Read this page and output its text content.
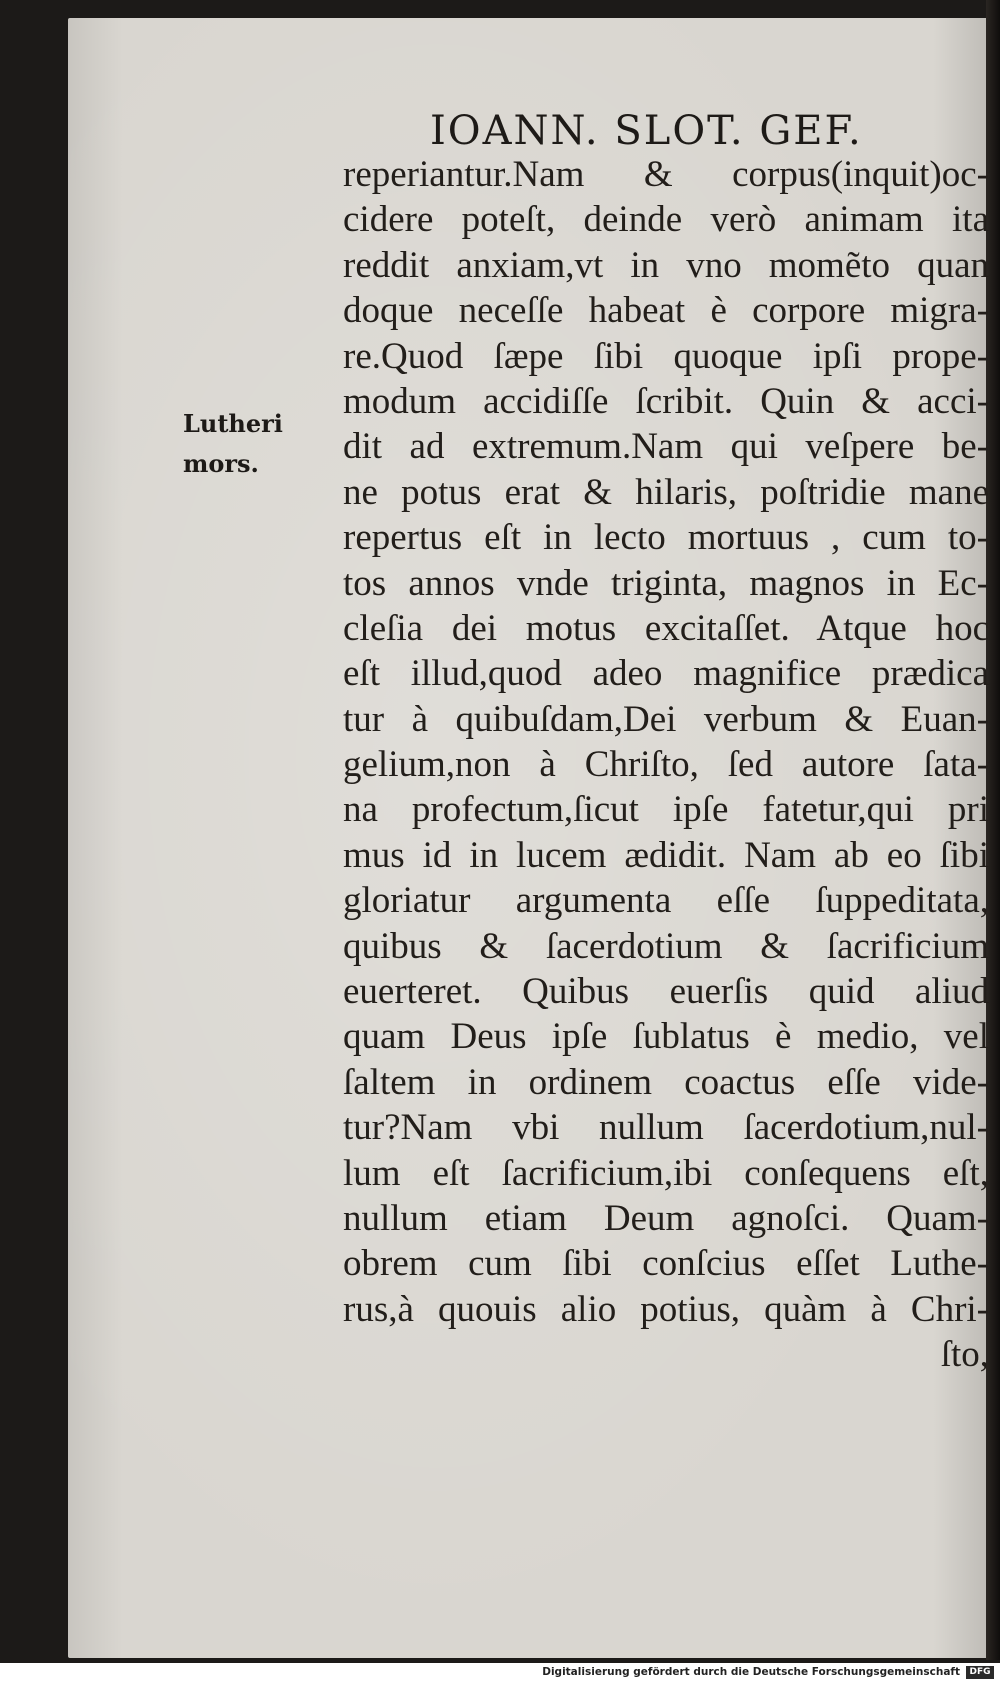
IOANN. SLOT. GEF.
Lutheri
mors.
reperiantur.Nam & corpus(inquit)oc-
cidere poteſt, deinde verò animam ita
reddit anxiam,vt in vno momẽto quan
doque neceſſe habeat è corpore migra-
re.Quod ſæpe ſibi quoque ipſi prope-
modum accidiſſe ſcribit. Quin & acci-
dit ad extremum.Nam qui veſpere be-
ne potus erat & hilaris, poſtridie mane
repertus eſt in lecto mortuus , cum to-
tos annos vnde triginta, magnos in Ec-
cleſia dei motus excitaſſet. Atque hoc
eſt illud,quod adeo magnifice prædica
tur à quibuſdam,Dei verbum & Euan-
gelium,non à Chriſto, ſed autore ſata-
na profectum,ſicut ipſe fatetur,qui pri
mus id in lucem ædidit. Nam ab eo ſibi
gloriatur argumenta eſſe ſuppeditata,
quibus & ſacerdotium & ſacrificium
euerteret. Quibus euerſis quid aliud
quam Deus ipſe ſublatus è medio, vel
ſaltem in ordinem coactus eſſe vide-
tur?Nam vbi nullum ſacerdotium,nul-
lum eſt ſacrificium,ibi conſequens eſt,
nullum etiam Deum agnoſci. Quam-
obrem cum ſibi conſcius eſſet Luthe-
rus,à quouis alio potius, quàm à Chri-
ſto,
Digitalisierung gefördert durch die Deutsche Forschungsgemeinschaft	DFG
